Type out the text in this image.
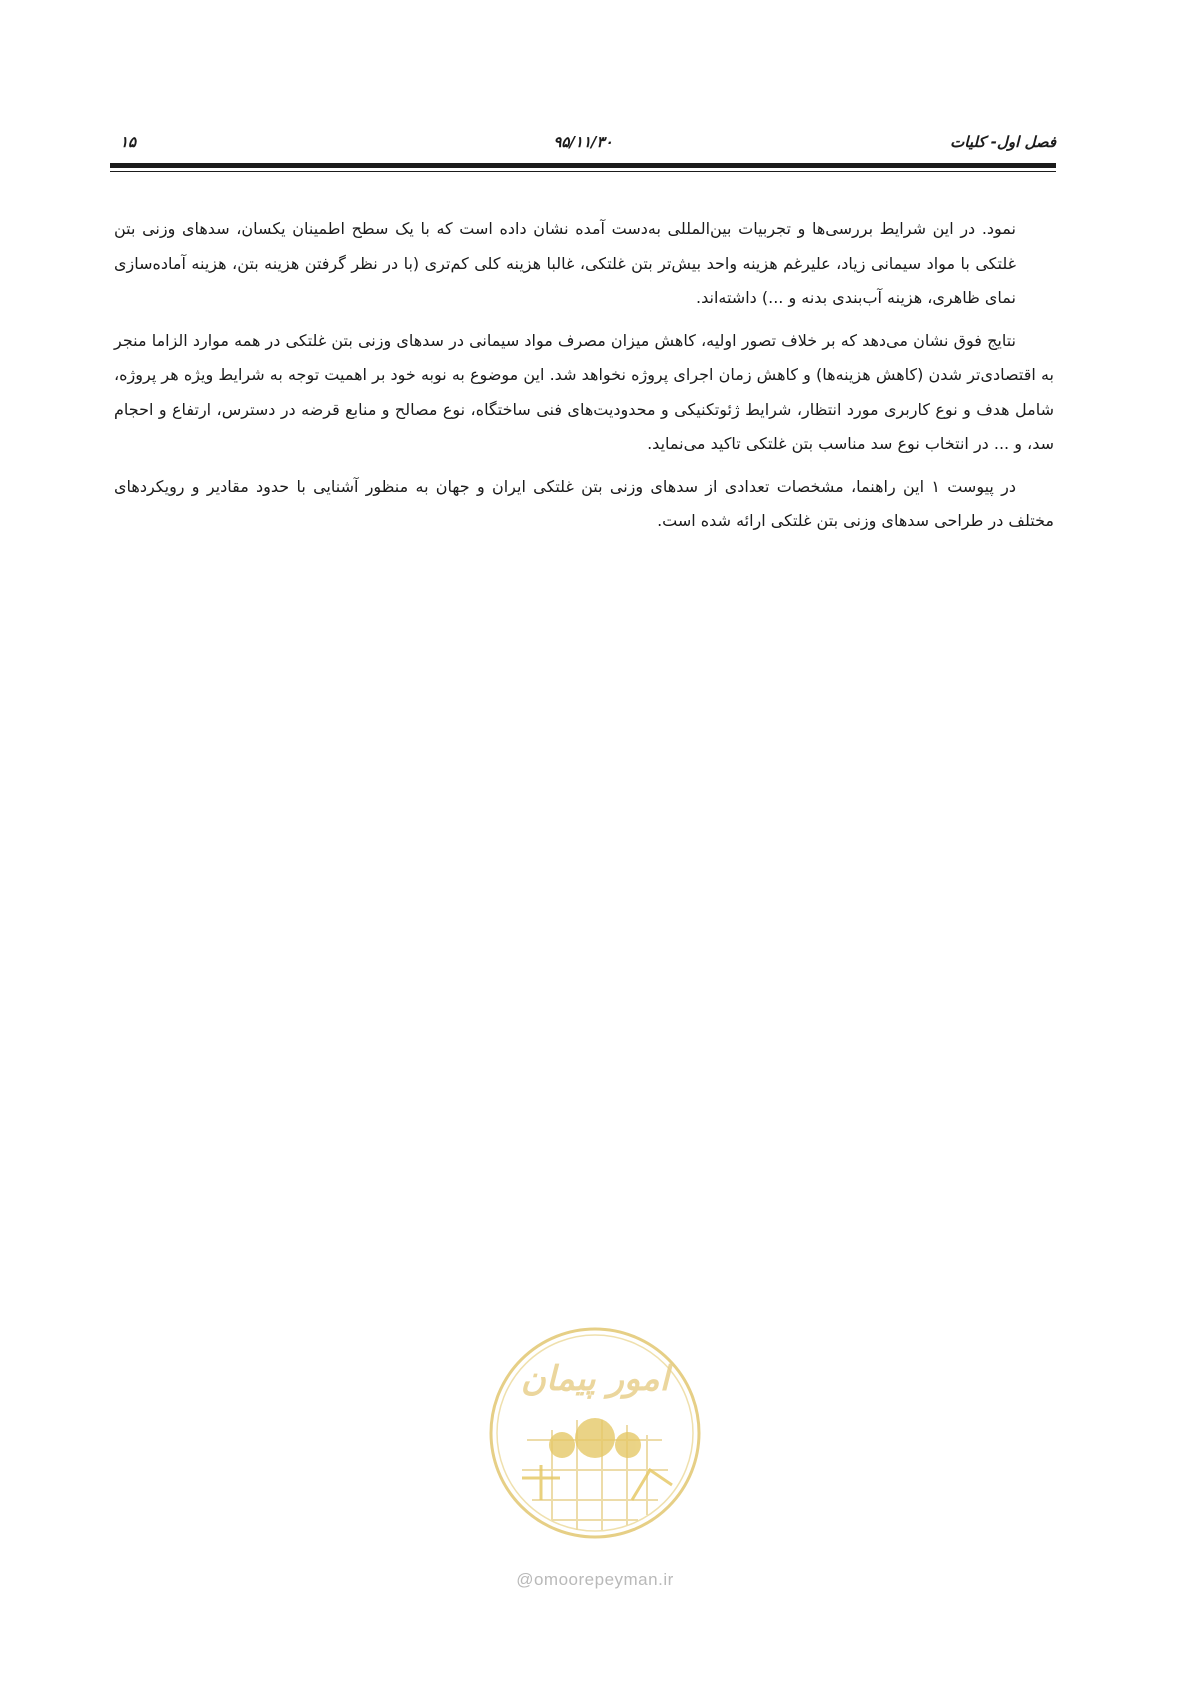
فصل اول- کلیات
۹۵/۱۱/۳۰
۱۵

نمود. در این شرایط بررسی‌ها و تجربیات بین‌المللی به‌دست آمده نشان داده است که با یک سطح اطمینان یکسان، سدهای وزنی بتن غلتکی با مواد سیمانی زیاد، علیرغم هزینه واحد بیش‌تر بتن غلتکی، غالبا هزینه کلی کم‌تری (با در نظر گرفتن هزینه بتن، هزینه آماده‌سازی نمای ظاهری، هزینه آب‌بندی بدنه و ...) داشته‌اند.

نتایج فوق نشان می‌دهد که بر خلاف تصور اولیه، کاهش میزان مصرف مواد سیمانی در سدهای وزنی بتن غلتکی در همه موارد الزاما منجر به اقتصادی‌تر شدن (کاهش هزینه‌ها) و کاهش زمان اجرای پروژه نخواهد شد. این موضوع به نوبه خود بر اهمیت توجه به شرایط ویژه هر پروژه، شامل هدف و نوع کاربری مورد انتظار، شرایط ژئوتکنیکی و محدودیت‌های فنی ساختگاه، نوع مصالح و منابع قرضه در دسترس، ارتفاع و احجام سد، و ... در انتخاب نوع سد مناسب بتن غلتکی تاکید می‌نماید.

در پیوست ۱ این راهنما، مشخصات تعدادی از سدهای وزنی بتن غلتکی ایران و جهان به منظور آشنایی با حدود مقادیر و رویکردهای مختلف در طراحی سدهای وزنی بتن غلتکی ارائه شده است.

امور پیمان
@omoorepeyman.ir
